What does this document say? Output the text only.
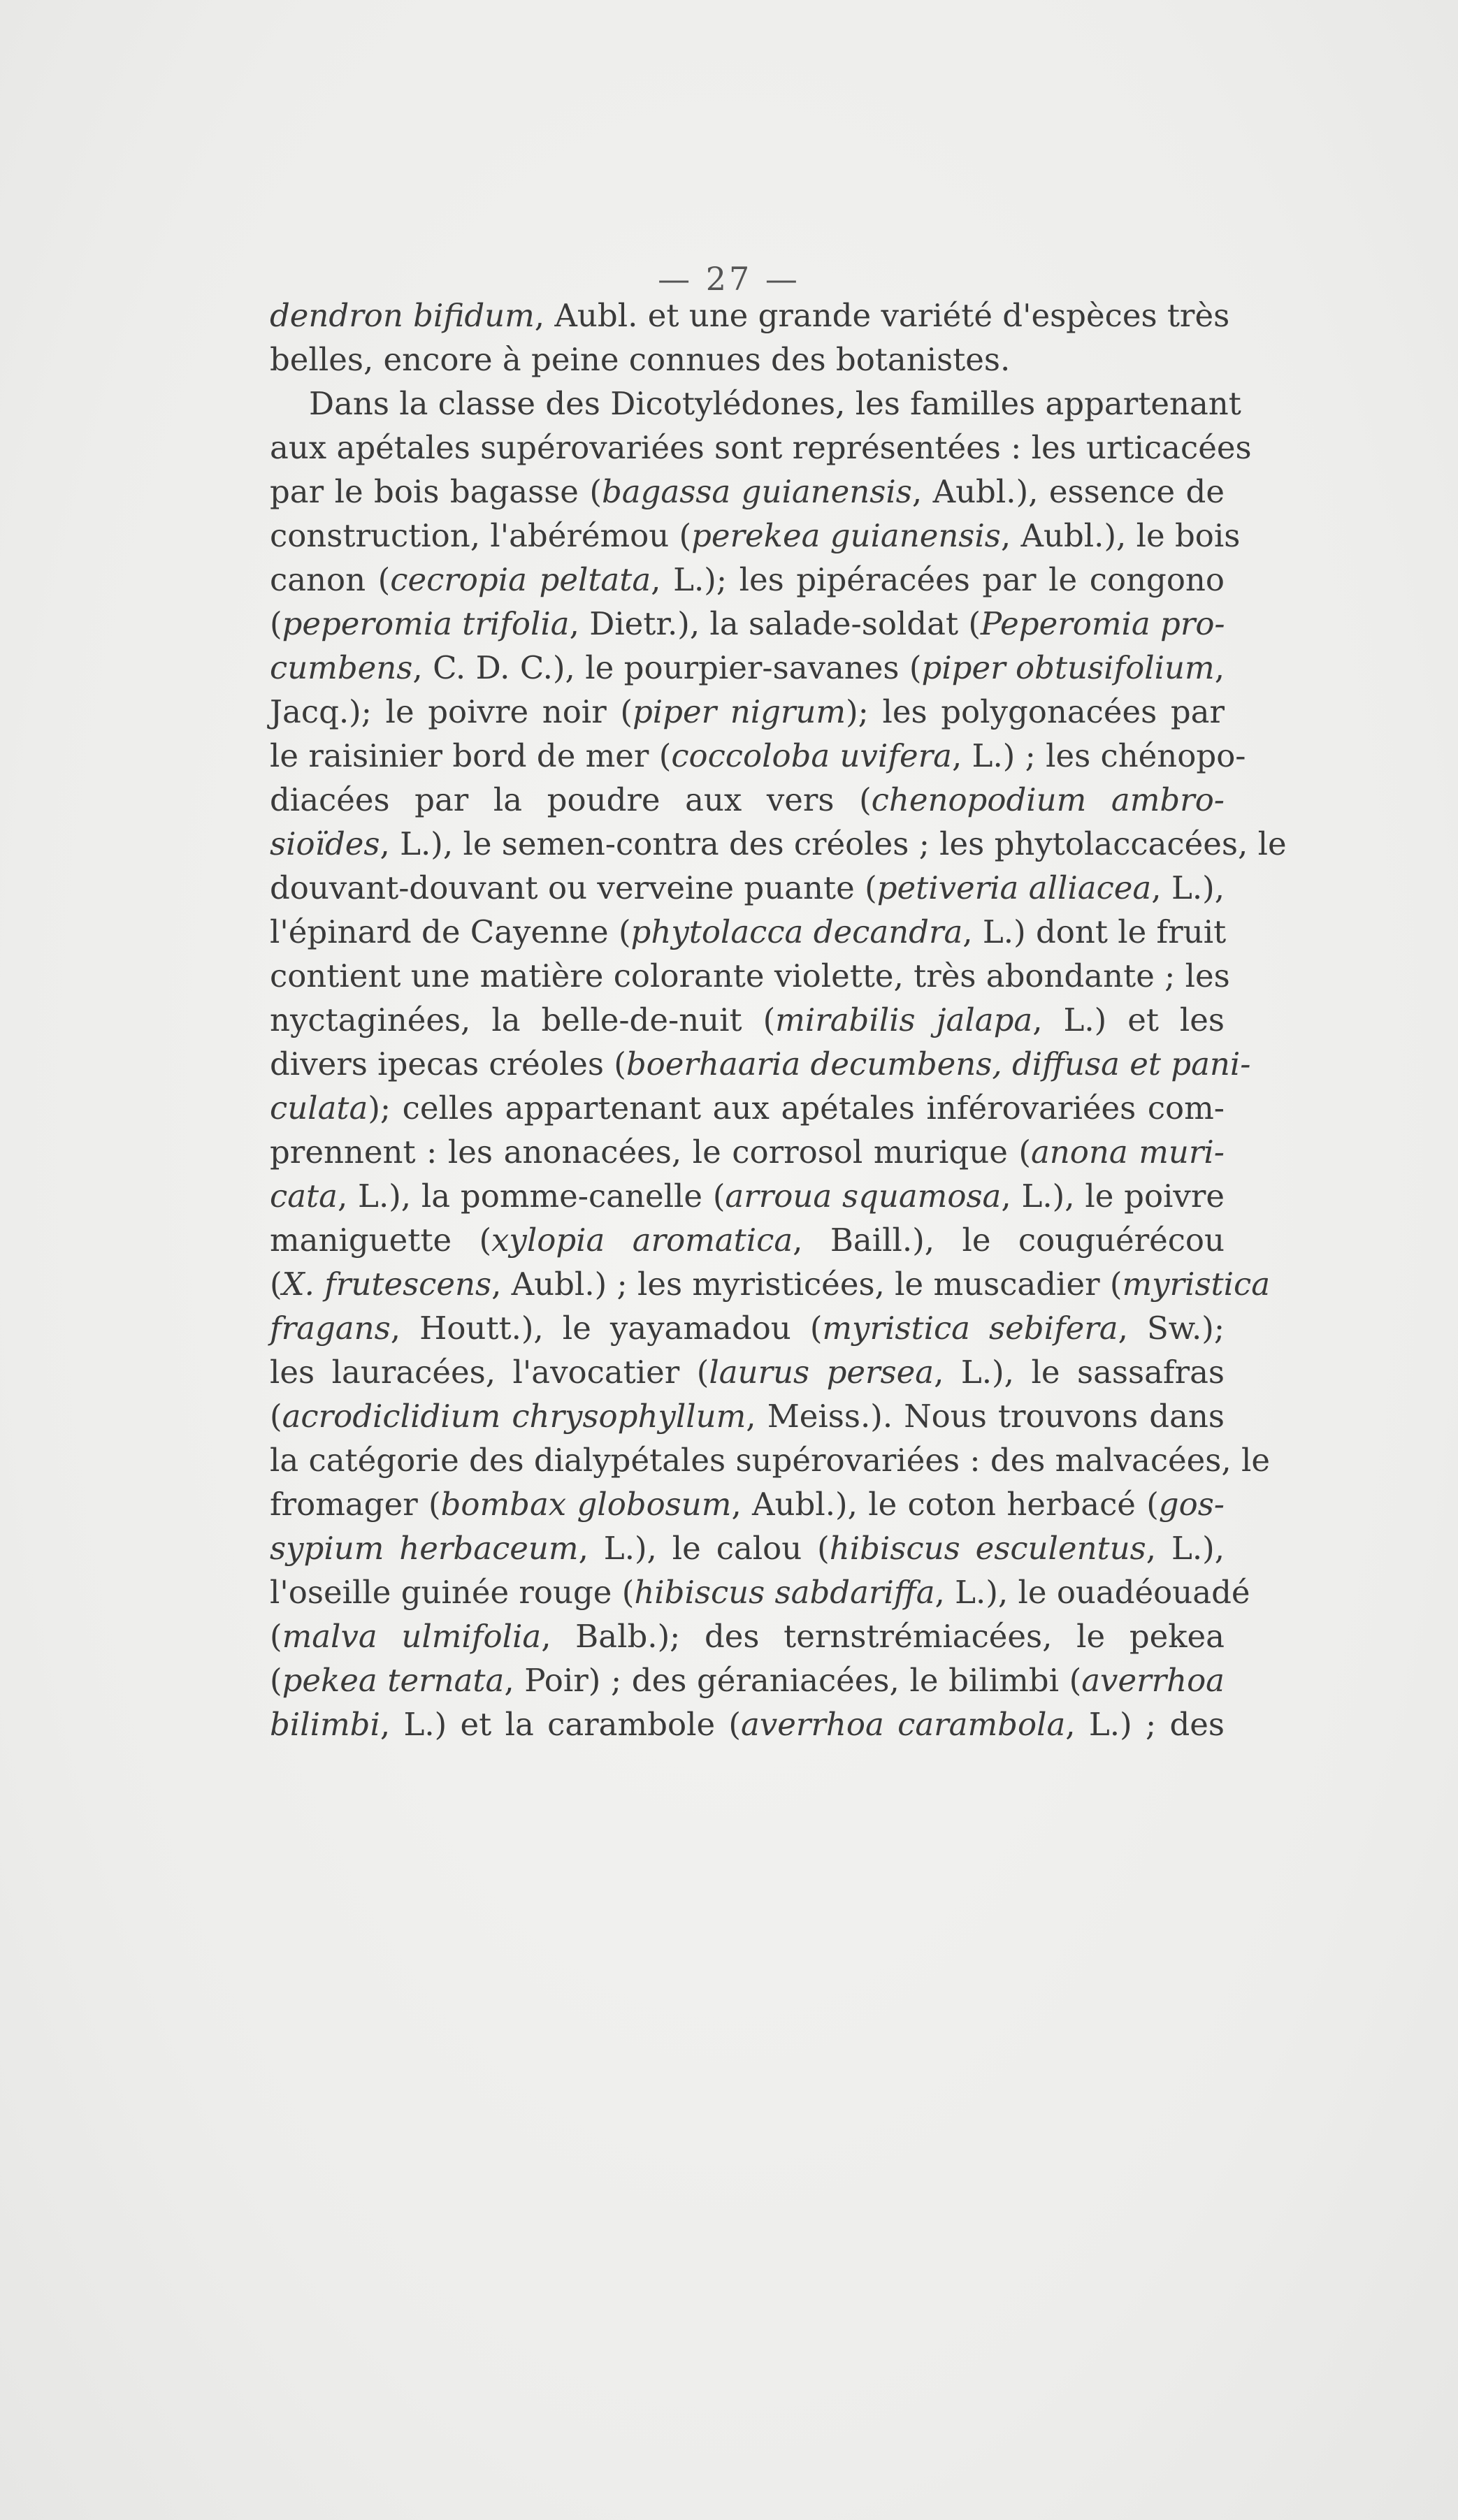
— 27 —
dendron bifidum, Aubl. et une grande variété d'espèces très
belles, encore à peine connues des botanistes.
Dans la classe des Dicotylédones, les familles appartenant
aux apétales supérovariées sont représentées : les urticacées
par le bois bagasse (bagassa guianensis, Aubl.), essence de
construction, l'abérémou (perekea guianensis, Aubl.), le bois
canon (cecropia peltata, L.); les pipéracées par le congono
(peperomia trifolia, Dietr.), la salade-soldat (Peperomia pro-
cumbens, C. D. C.), le pourpier-savanes (piper obtusifolium,
Jacq.); le poivre noir (piper nigrum); les polygonacées par
le raisinier bord de mer (coccoloba uvifera, L.) ; les chénopo-
diacées par la poudre aux vers (chenopodium ambro-
sioïdes, L.), le semen-contra des créoles ; les phytolaccacées, le
douvant-douvant ou verveine puante (petiveria alliacea, L.),
l'épinard de Cayenne (phytolacca decandra, L.) dont le fruit
contient une matière colorante violette, très abondante ; les
nyctaginées, la belle-de-nuit (mirabilis jalapa, L.) et les
divers ipecas créoles (boerhaaria decumbens, diffusa et pani-
culata); celles appartenant aux apétales inférovariées com-
prennent : les anonacées, le corrosol murique (anona muri-
cata, L.), la pomme-canelle (arroua squamosa, L.), le poivre
maniguette (xylopia aromatica, Baill.), le couguérécou
(X. frutescens, Aubl.) ; les myristicées, le muscadier (myristica
fragans, Houtt.), le yayamadou (myristica sebifera, Sw.);
les lauracées, l'avocatier (laurus persea, L.), le sassafras
(acrodiclidium chrysophyllum, Meiss.). Nous trouvons dans
la catégorie des dialypétales supérovariées : des malvacées, le
fromager (bombax globosum, Aubl.), le coton herbacé (gos-
sypium herbaceum, L.), le calou (hibiscus esculentus, L.),
l'oseille guinée rouge (hibiscus sabdariffa, L.), le ouadéouadé
(malva ulmifolia, Balb.); des ternstrémiacées, le pekea
(pekea ternata, Poir) ; des géraniacées, le bilimbi (averrhoa
bilimbi, L.) et la carambole (averrhoa carambola, L.) ; des
